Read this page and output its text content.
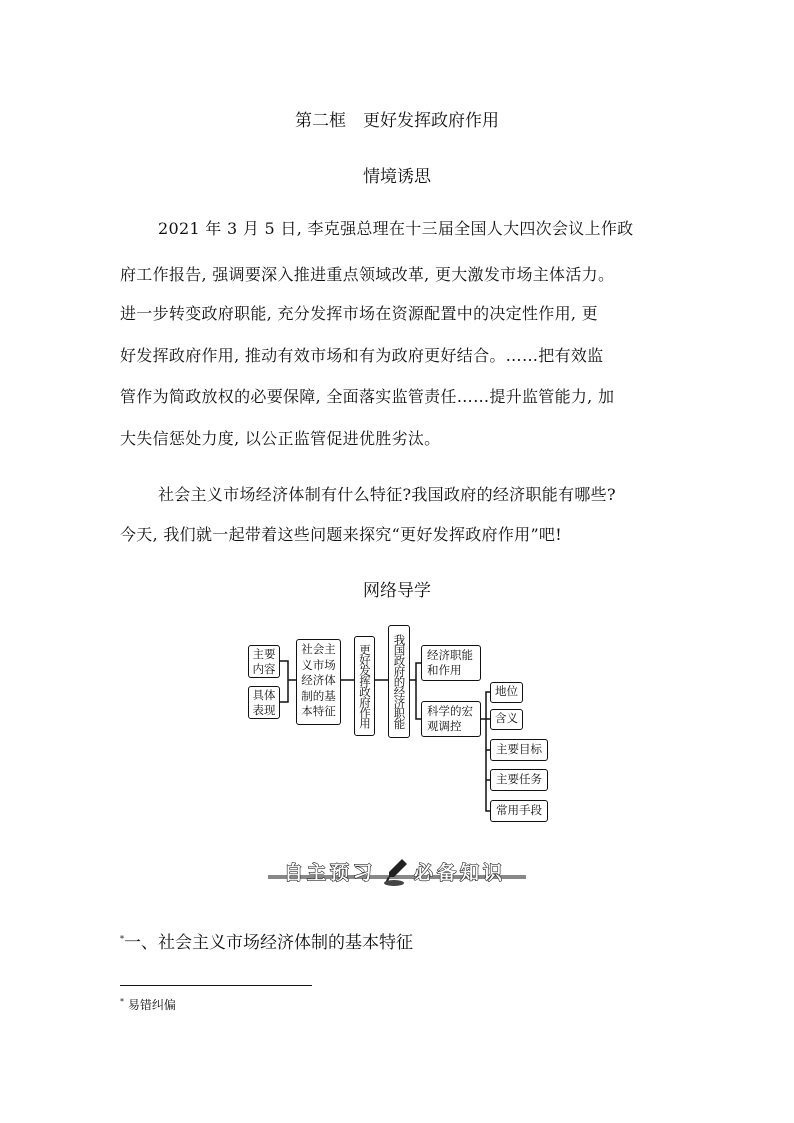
第二框　更好发挥政府作用
情境诱思
2021 年 3 月 5 日, 李克强总理在十三届全国人大四次会议上作政
府工作报告, 强调要深入推进重点领域改革, 更大激发市场主体活力。
进一步转变政府职能, 充分发挥市场在资源配置中的决定性作用, 更
好发挥政府作用, 推动有效市场和有为政府更好结合。……把有效监
管作为简政放权的必要保障, 全面落实监管责任……提升监管能力, 加
大失信惩处力度, 以公正监管促进优胜劣汰。
社会主义市场经济体制有什么特征?我国政府的经济职能有哪些?
今天, 我们就一起带着这些问题来探究“更好发挥政府作用”吧!
网络导学
主要内容
具体表现
社会主义市场经济体制的基本特征	更好发挥政府作用	我国政府的经济职能	经济职能和作用
科学的宏观调控
地位
含义
主要目标
主要任务
常用手段
自主预习 必备知识
*一、社会主义市场经济体制的基本特征
* 易错纠偏
